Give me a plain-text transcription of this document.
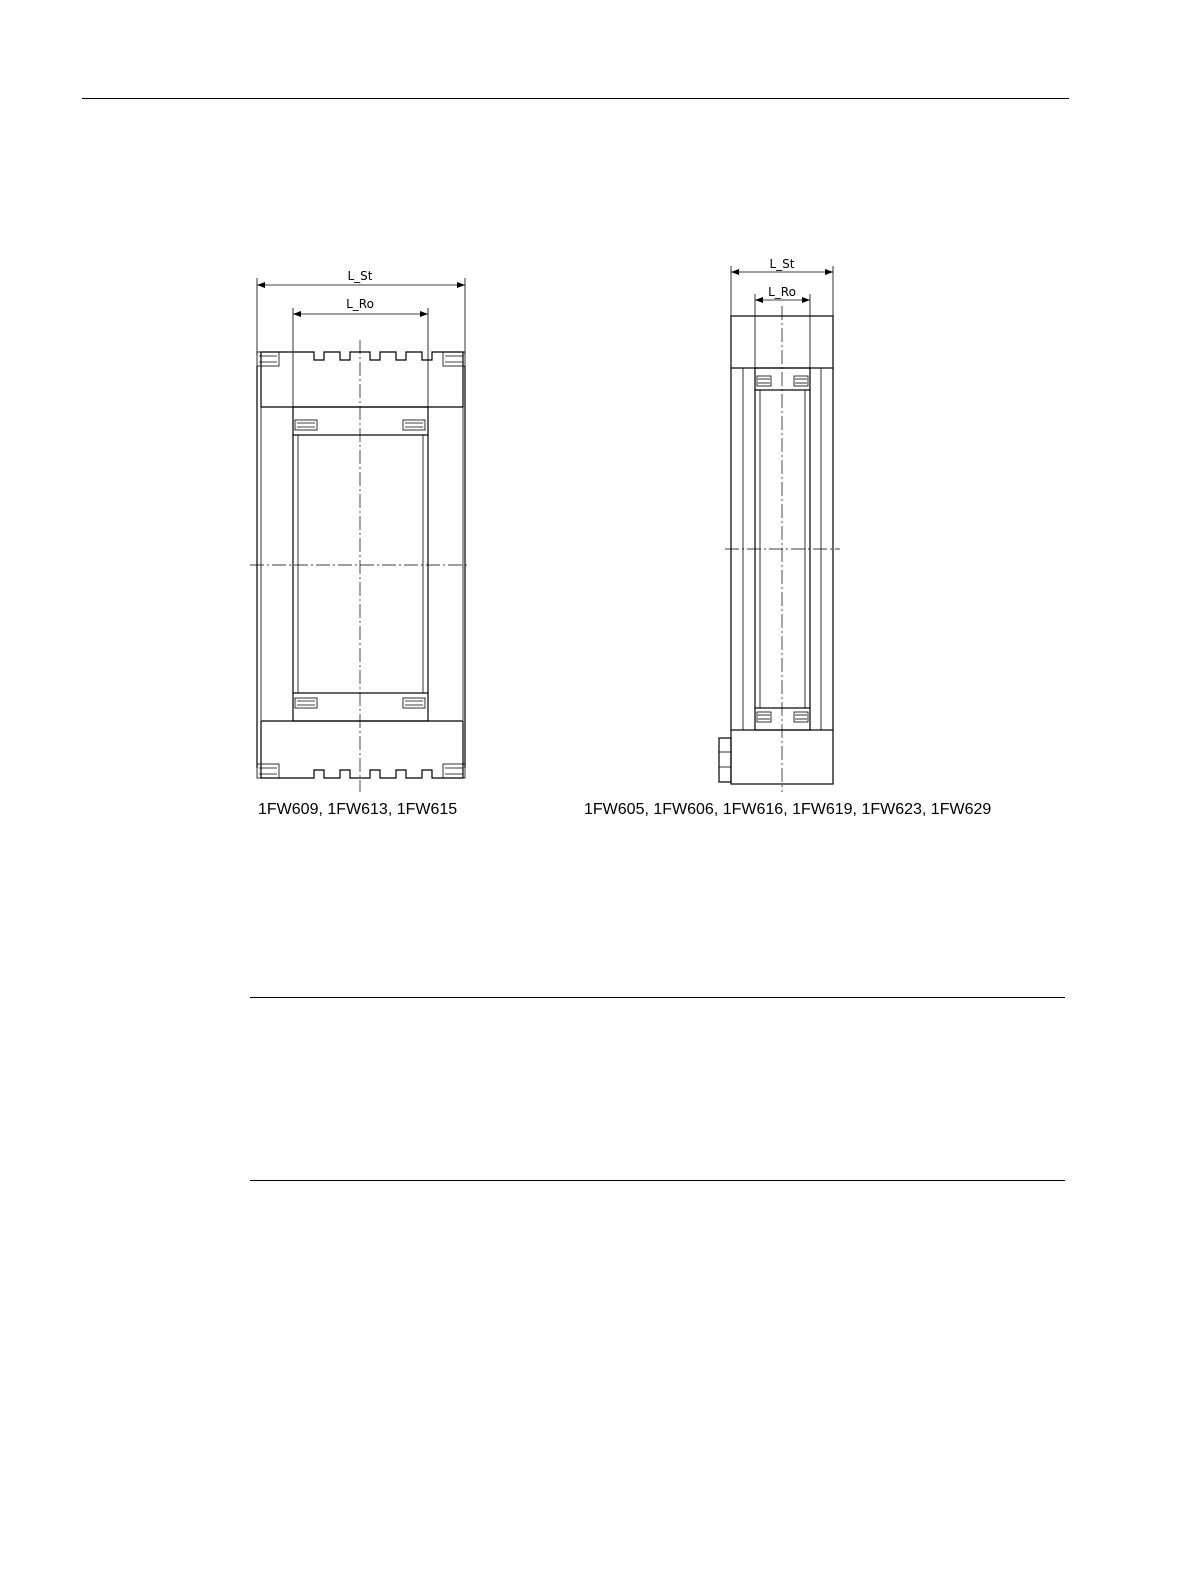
L_St
L_Ro
L_St
L_Ro
1FW609, 1FW613, 1FW615	1FW605, 1FW606, 1FW616, 1FW619, 1FW623, 1FW629
